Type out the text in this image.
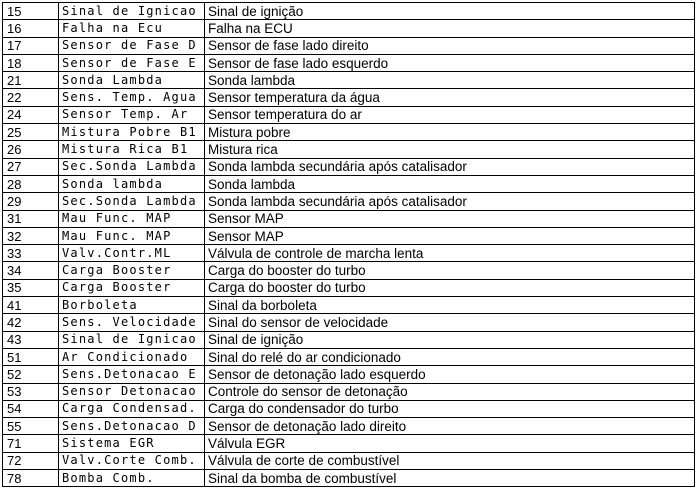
15	Sinal de Ignicao	Sinal de ignição
16	Falha na Ecu	Falha na ECU
17	Sensor de Fase D	Sensor de fase lado direito
18	Sensor de Fase E	Sensor de fase lado esquerdo
21	Sonda Lambda	Sonda lambda
22	Sens. Temp. Agua	Sensor temperatura da água
24	Sensor Temp. Ar	Sensor temperatura do ar
25	Mistura Pobre B1	Mistura pobre
26	Mistura Rica B1	Mistura rica
27	Sec.Sonda Lambda	Sonda lambda secundária após catalisador
28	Sonda lambda	Sonda lambda
29	Sec.Sonda Lambda	Sonda lambda secundária após catalisador
31	Mau Func. MAP	Sensor MAP
32	Mau Func. MAP	Sensor MAP
33	Valv.Contr.ML	Válvula de controle de marcha lenta
34	Carga Booster	Carga do booster do turbo
35	Carga Booster	Carga do booster do turbo
41	Borboleta	Sinal da borboleta
42	Sens. Velocidade	Sinal do sensor de velocidade
43	Sinal de Ignicao	Sinal de ignição
51	Ar Condicionado	Sinal do relé do ar condicionado
52	Sens.Detonacao E	Sensor de detonação lado esquerdo
53	Sensor Detonacao	Controle do sensor de detonação
54	Carga Condensad.	Carga do condensador do turbo
55	Sens.Detonacao D	Sensor de detonação lado direito
71	Sistema EGR	Válvula EGR
72	Valv.Corte Comb.	Válvula de corte de combustível
78	Bomba Comb.	Sinal da bomba de combustível
